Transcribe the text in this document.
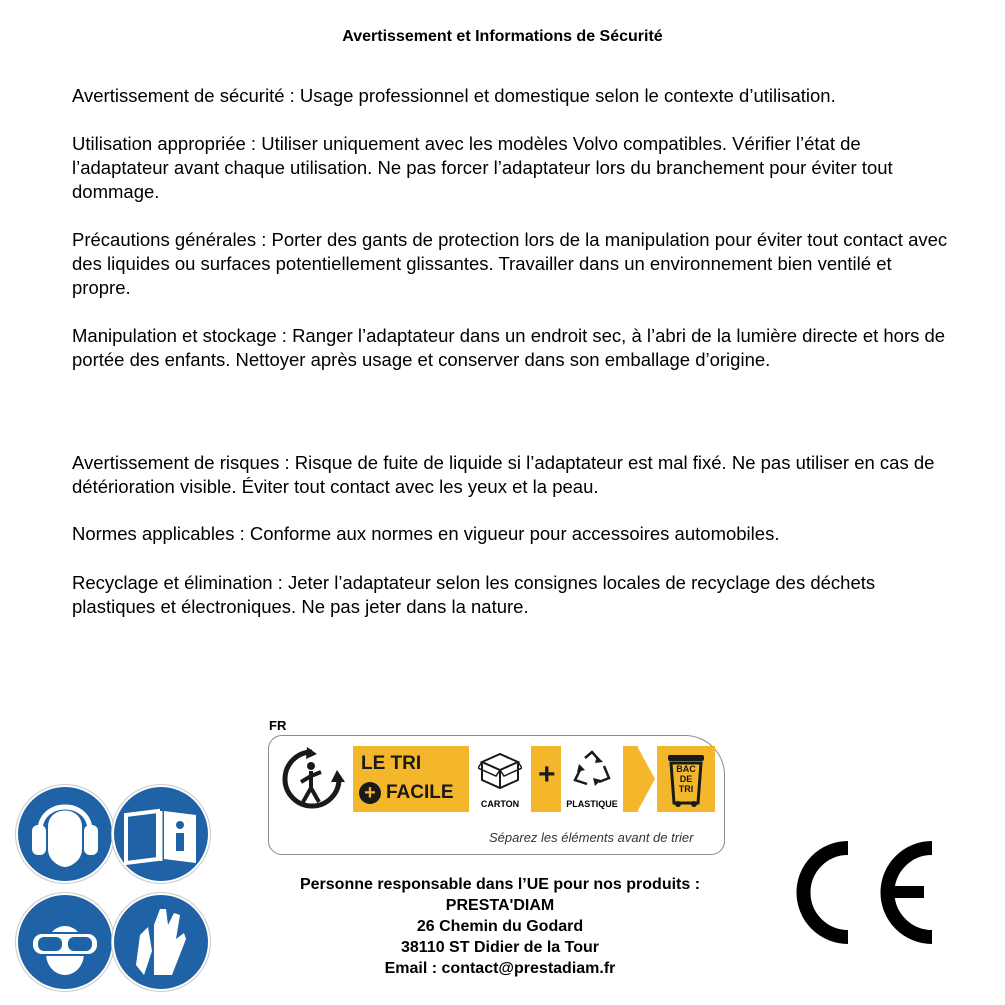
Avertissement et Informations de Sécurité

Avertissement de sécurité : Usage professionnel et domestique selon le contexte d’utilisation.

Utilisation appropriée : Utiliser uniquement avec les modèles Volvo compatibles. Vérifier l’état de l’adaptateur avant chaque utilisation. Ne pas forcer l’adaptateur lors du branchement pour éviter tout dommage.

Précautions générales : Porter des gants de protection lors de la manipulation pour éviter tout contact avec des liquides ou surfaces potentiellement glissantes. Travailler dans un environnement bien ventilé et propre.

Manipulation et stockage : Ranger l’adaptateur dans un endroit sec, à l’abri de la lumière directe et hors de portée des enfants. Nettoyer après usage et conserver dans son emballage d’origine.

Avertissement de risques : Risque de fuite de liquide si l’adaptateur est mal fixé. Ne pas utiliser en cas de détérioration visible. Éviter tout contact avec les yeux et la peau.

Normes applicables : Conforme aux normes en vigueur pour accessoires automobiles.

Recyclage et élimination : Jeter l’adaptateur selon les consignes locales de recyclage des déchets plastiques et électroniques. Ne pas jeter dans la nature.

FR
BAC
DE
TRI
LE TRI
+ FACILE
CARTON
+
PLASTIQUE
Séparez les éléments avant de trier
Personne responsable dans l’UE pour nos produits :
PRESTA'DIAM
26 Chemin du Godard
38110 ST Didier de la Tour
Email : contact@prestadiam.fr
